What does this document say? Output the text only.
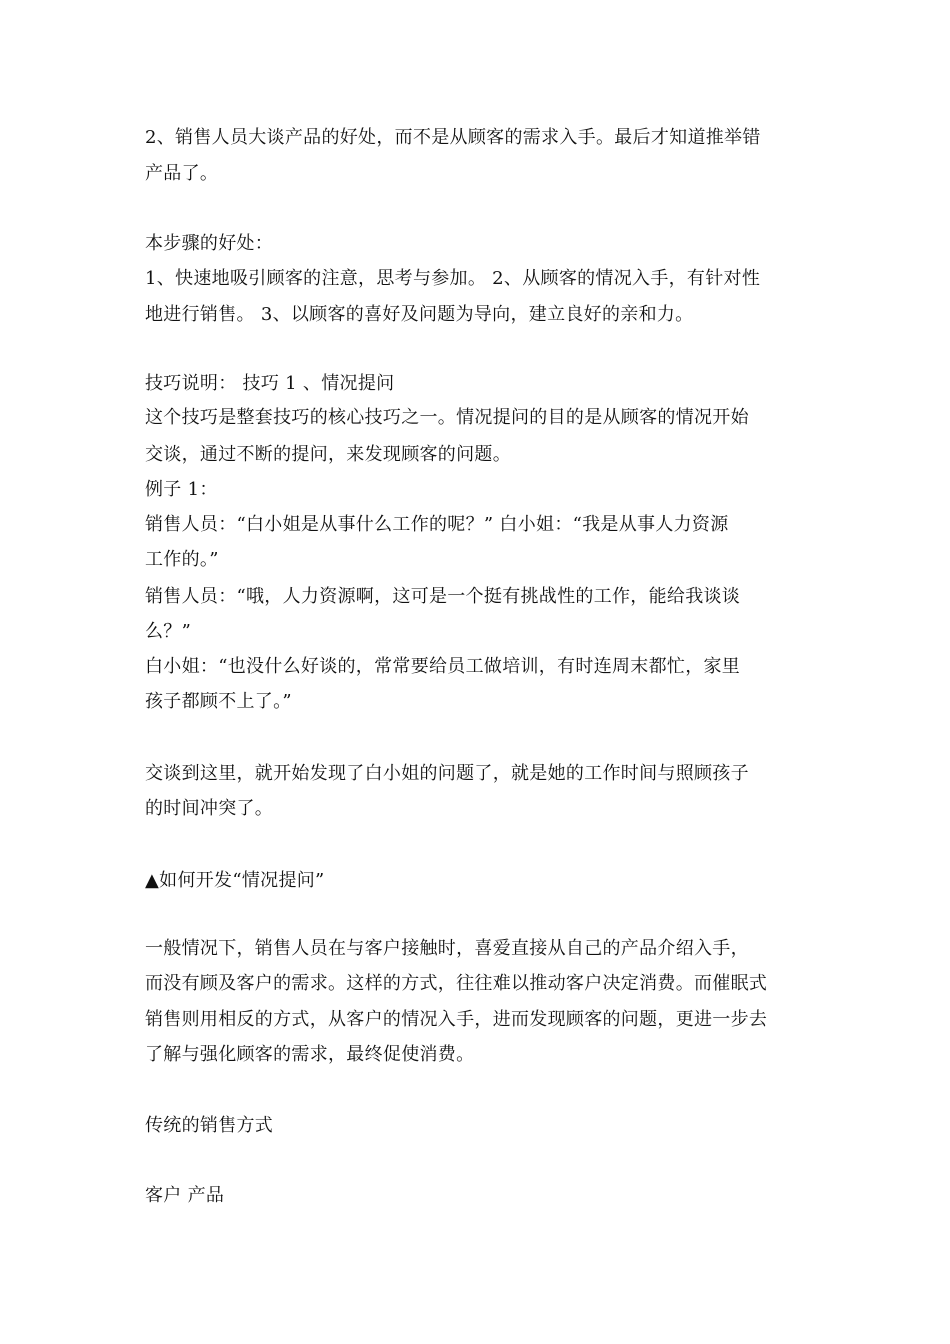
2、销售人员大谈产品的好处，而不是从顾客的需求入手。最后才知道推举错
产品了。
本步骤的好处：
1、快速地吸引顾客的注意，思考与参加。 2、从顾客的情况入手，有针对性
地进行销售。 3、以顾客的喜好及问题为导向，建立良好的亲和力。
技巧说明： 技巧 1 、情况提问
这个技巧是整套技巧的核心技巧之一。情况提问的目的是从顾客的情况开始
交谈，通过不断的提问，来发现顾客的问题。
例子 1：
销售人员：“白小姐是从事什么工作的呢？” 白小姐：“我是从事人力资源
工作的。”
销售人员：“哦，人力资源啊，这可是一个挺有挑战性的工作，能给我谈谈
么？”
白小姐：“也没什么好谈的，常常要给员工做培训，有时连周末都忙，家里
孩子都顾不上了。”
交谈到这里，就开始发现了白小姐的问题了，就是她的工作时间与照顾孩子
的时间冲突了。
▲如何开发“情况提问”
一般情况下，销售人员在与客户接触时，喜爱直接从自己的产品介绍入手，
而没有顾及客户的需求。这样的方式，往往难以推动客户决定消费。而催眠式
销售则用相反的方式，从客户的情况入手，进而发现顾客的问题，更进一步去
了解与强化顾客的需求，最终促使消费。
传统的销售方式
客户 产品
